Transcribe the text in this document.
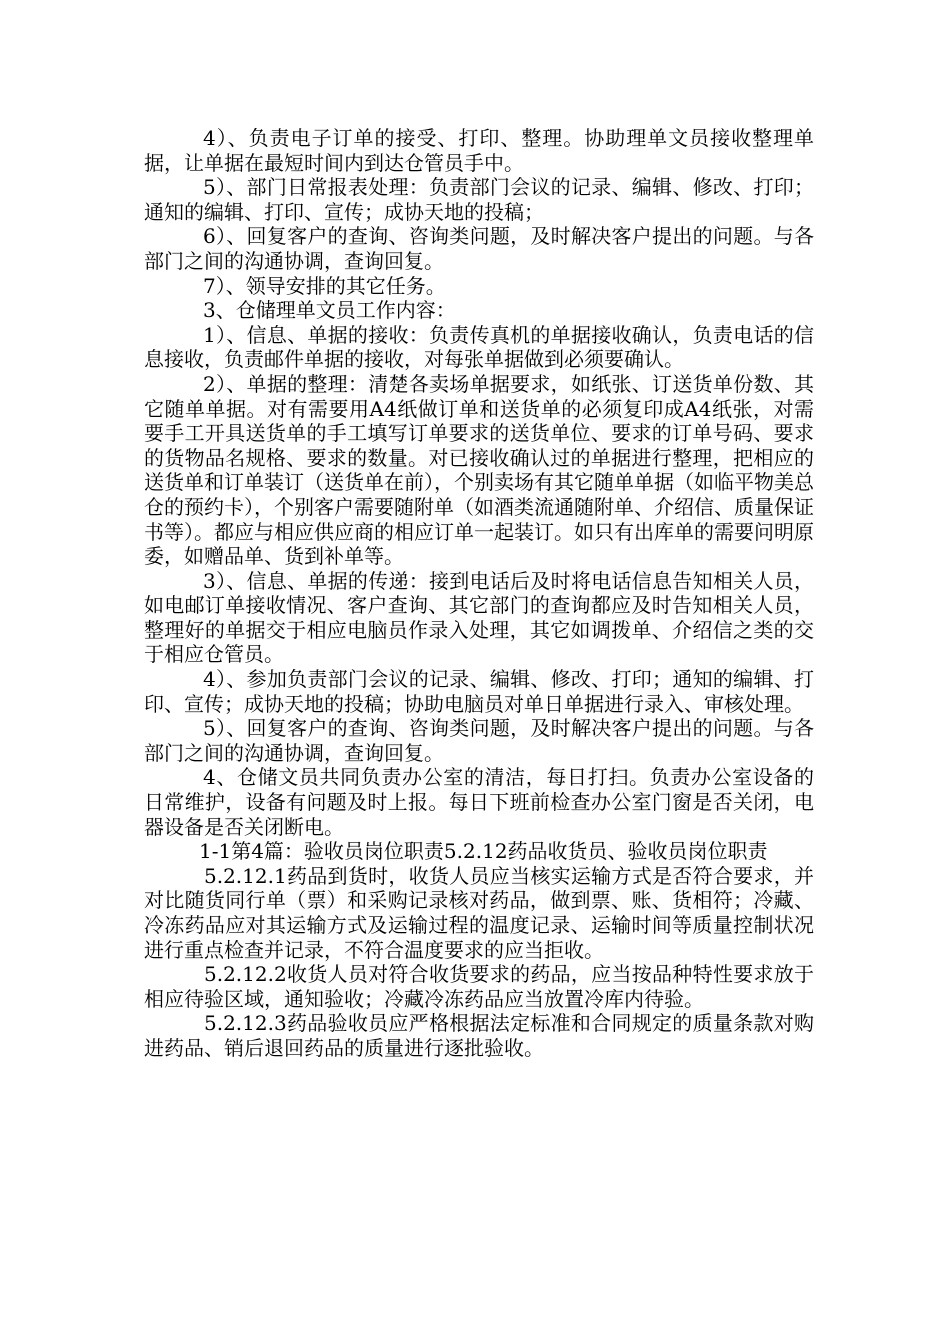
4）、负责电子订单的接受、打印、整理。协助理单文员接收整理单据，让单据在最短时间内到达仓管员手中。

5）、部门日常报表处理：负责部门会议的记录、编辑、修改、打印；通知的编辑、打印、宣传；成协天地的投稿；

6）、回复客户的查询、咨询类问题，及时解决客户提出的问题。与各部门之间的沟通协调，查询回复。

7）、领导安排的其它任务。

3、仓储理单文员工作内容：

1）、信息、单据的接收：负责传真机的单据接收确认，负责电话的信息接收，负责邮件单据的接收，对每张单据做到必须要确认。

2）、单据的整理：清楚各卖场单据要求，如纸张、订送货单份数、其它随单单据。对有需要用A4纸做订单和送货单的必须复印成A4纸张，对需要手工开具送货单的手工填写订单要求的送货单位、要求的订单号码、要求的货物品名规格、要求的数量。对已接收确认过的单据进行整理，把相应的送货单和订单装订（送货单在前），个别卖场有其它随单单据（如临平物美总仓的预约卡），个别客户需要随附单（如酒类流通随附单、介绍信、质量保证书等）。都应与相应供应商的相应订单一起装订。如只有出库单的需要问明原委，如赠品单、货到补单等。

3）、信息、单据的传递：接到电话后及时将电话信息告知相关人员，如电邮订单接收情况、客户查询、其它部门的查询都应及时告知相关人员，整理好的单据交于相应电脑员作录入处理，其它如调拨单、介绍信之类的交于相应仓管员。

4）、参加负责部门会议的记录、编辑、修改、打印；通知的编辑、打印、宣传；成协天地的投稿；协助电脑员对单日单据进行录入、审核处理。

5）、回复客户的查询、咨询类问题，及时解决客户提出的问题。与各部门之间的沟通协调，查询回复。

4、仓储文员共同负责办公室的清洁，每日打扫。负责办公室设备的日常维护，设备有问题及时上报。每日下班前检查办公室门窗是否关闭，电器设备是否关闭断电。

1-1第4篇：验收员岗位职责5.2.12药品收货员、验收员岗位职责

5.2.12.1药品到货时，收货人员应当核实运输方式是否符合要求，并对比随货同行单（票）和采购记录核对药品，做到票、账、货相符；冷藏、冷冻药品应对其运输方式及运输过程的温度记录、运输时间等质量控制状况进行重点检查并记录，不符合温度要求的应当拒收。

5.2.12.2收货人员对符合收货要求的药品，应当按品种特性要求放于相应待验区域，通知验收；冷藏冷冻药品应当放置冷库内待验。

5.2.12.3药品验收员应严格根据法定标准和合同规定的质量条款对购进药品、销后退回药品的质量进行逐批验收。
